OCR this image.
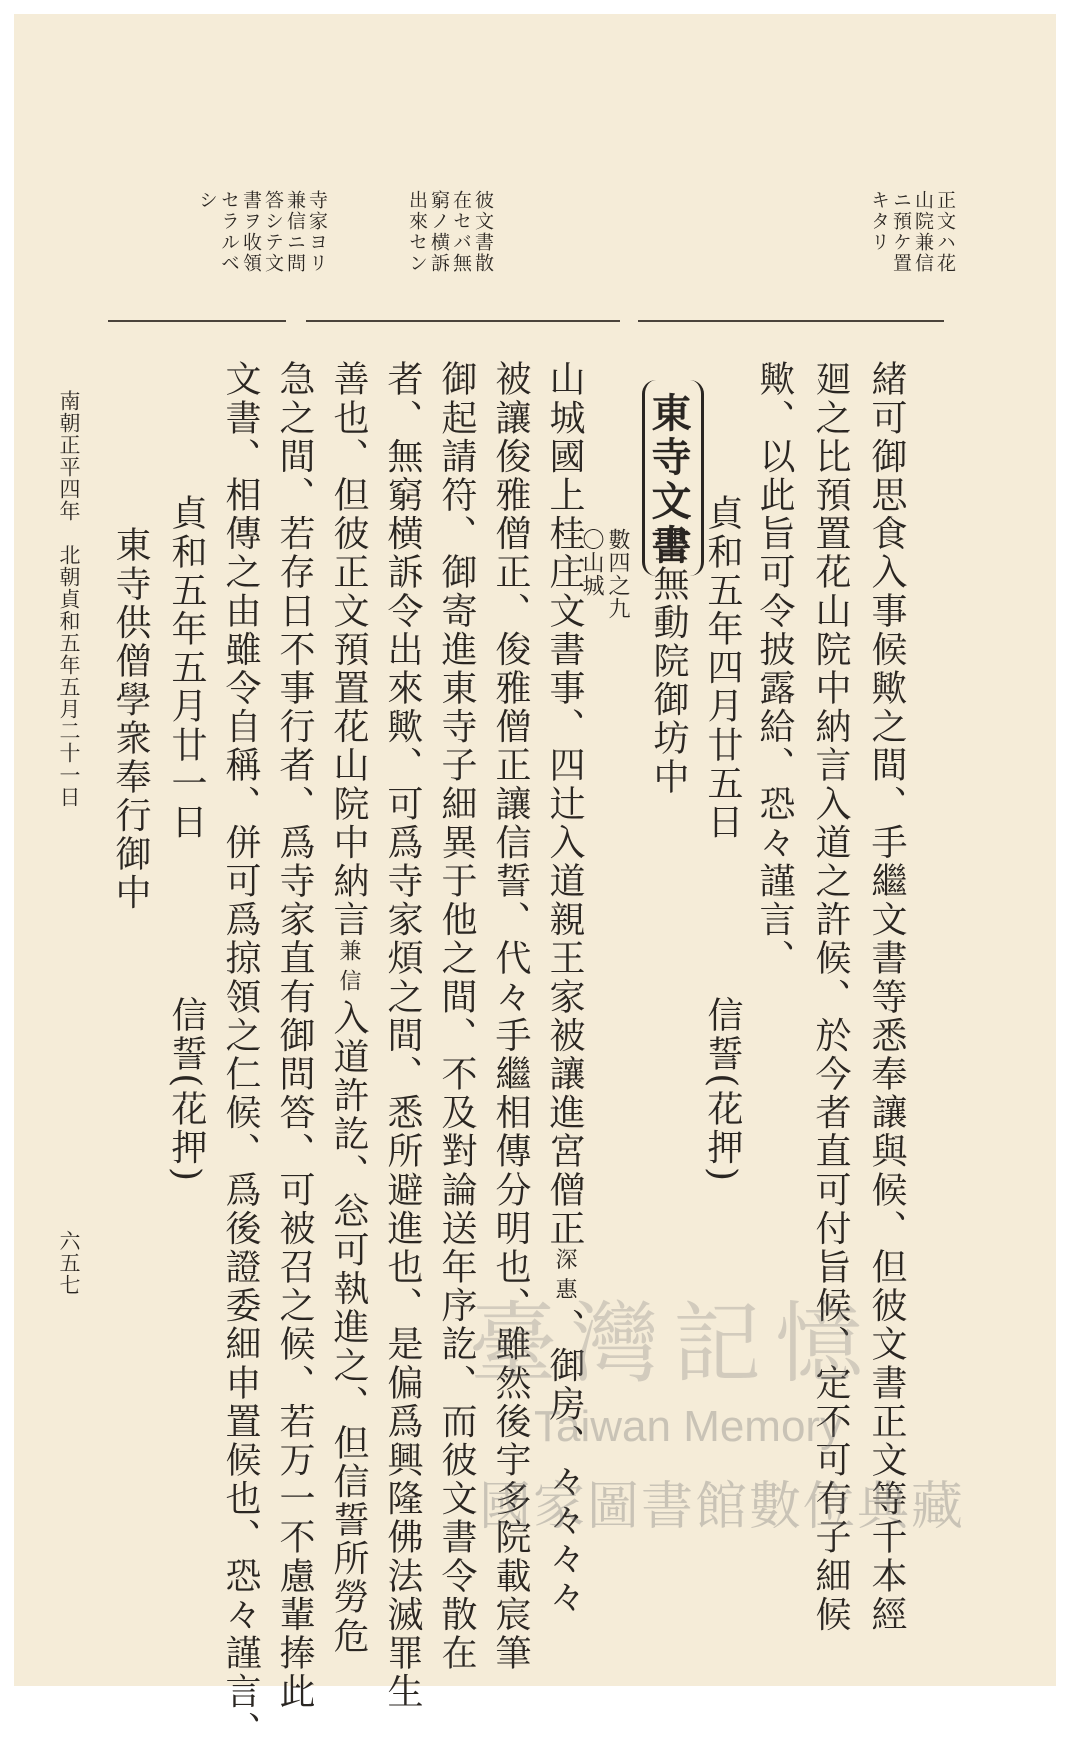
正文ハ花
山院兼信
ニ預ケ置
キタリ
彼文書散
在セバ無
窮ノ横訴
出來セン
寺家ヨリ
兼信ニ問
答シテ文
書ヲ收領
セラルベ
シ
緒可御思食入事候歟之間、手繼文書等悉奉讓與候、但彼文書正文等千本經
廻之比預置花山院中納言入道之許候、於今者直可付旨候、定不可有子細候
歟、以此旨可令披露給、恐々謹言、
貞和五年四月廿五日
信誓(花押)
聖無動院御坊中
東寺文書
數四之九
〇山城
山城國上桂庄文書事、四辻入道親王家被讓進宮僧正深惠、御房、々々々々
被讓俊雅僧正、俊雅僧正讓信誓、代々手繼相傳分明也、雖然後宇多院載宸筆
御起請符、御寄進東寺子細異于他之間、不及對論送年序訖、而彼文書令散在
者、無窮横訴令出來歟、可爲寺家煩之間、悉所避進也、是偏爲興隆佛法滅罪生
善也、但彼正文預置花山院中納言兼信入道許訖、忩可執進之、但信誓所勞危
急之間、若存日不事行者、爲寺家直有御問答、可被召之候、若万一不慮輩捧此
文書、相傳之由雖令自稱、併可爲掠領之仁候、爲後證委細申置候也、恐々謹言、
貞和五年五月廿一日
信誓(花押)
東寺供僧學衆奉行御中
南朝正平四年　北朝貞和五年五月二十一日
六五七
臺灣記憶
Taiwan Memory
國家圖書館數位典藏
